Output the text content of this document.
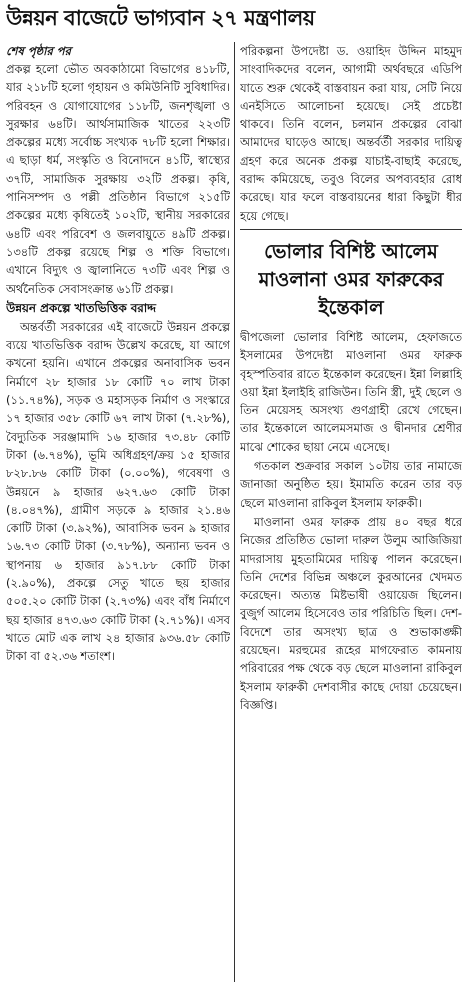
উন্নয়ন বাজেটে ভাগ্যবান ২৭ মন্ত্রণালয়
শেষ পৃষ্ঠার পর

প্রকল্প হলো ভৌত অবকাঠামো বিভাগের ৪১৮টি, যার ২১৮টি হলো গৃহায়ন ও কমিউনিটি সুবিধাদির। পরিবহন ও যোগাযোগের ১১৮টি, জনশৃঙ্খলা ও সুরক্ষার ৬৪টি। আর্থসামাজিক খাতের ২২৩টি প্রকল্পের মধ্যে সর্বোচ্চ সংখ্যক ৭৮টি হলো শিক্ষার। এ ছাড়া ধর্ম, সংস্কৃতি ও বিনোদনে ৪১টি, স্বাস্থ্যের ৩৭টি, সামাজিক সুরক্ষায় ৩২টি প্রকল্প। কৃষি, পানিসম্পদ ও পল্লী প্রতিষ্ঠান বিভাগে ২১৫টি প্রকল্পের মধ্যে কৃষিতেই ১০২টি, স্থানীয় সরকারের ৬৪টি এবং পরিবেশ ও জলবায়ুতে ৪৯টি প্রকল্প। ১৩৪টি প্রকল্প রয়েছে শিল্প ও শক্তি বিভাগে। এখানে বিদ্যুৎ ও জ্বালানিতে ৭৩টি এবং শিল্প ও অর্থনৈতিক সেবাসংক্রান্ত ৬১টি প্রকল্প।

উন্নয়ন প্রকল্পে খাতভিত্তিক বরাদ্দ

অন্তর্বর্তী সরকারের এই বাজেটে উন্নয়ন প্রকল্পে ব্যয়ে খাতভিত্তিক বরাদ্দ উল্লেখ করেছে, যা আগে কখনো হয়নি। এখানে প্রকল্পের অনাবাসিক ভবন নির্মাণে ২৮ হাজার ১৮ কোটি ৭০ লাখ টাকা (১১.৭৪%), সড়ক ও মহাসড়ক নির্মাণ ও সংস্কারে ১৭ হাজার ৩৫৮ কোটি ৬৭ লাখ টাকা (৭.২৮%), বৈদ্যুতিক সরঞ্জামাদি ১৬ হাজার ৭৩.৪৮ কোটি টাকা (৬.৭৪%), ভূমি অধিগ্রহণ/ক্রয় ১৫ হাজার ৮২৮.৮৬ কোটি টাকা (০.০০%), গবেষণা ও উন্নয়নে ৯ হাজার ৬২৭.৬৩ কোটি টাকা (৪.০৪৭%), গ্রামীণ সড়কে ৯ হাজার ২১.৪৬ কোটি টাকা (৩.৯২%), আবাসিক ভবন ৯ হাজার ১৬.৭৩ কোটি টাকা (৩.৭৮%), অন্যান্য ভবন ও স্থাপনায় ৬ হাজার ৯১৭.৮৮ কোটি টাকা (২.৯০%), প্রকল্পে সেতু খাতে ছয় হাজার ৫০৫.২০ কোটি টাকা (২.৭৩%) এবং বাঁধ নির্মাণে ছয় হাজার ৪৭৩.৬৩ কোটি টাকা (২.৭১%)। এসব খাতে মোট এক লাখ ২৪ হাজার ৯৩৬.৫৮ কোটি টাকা বা ৫২.৩৬ শতাংশ।

পরিকল্পনা উপদেষ্টা ড. ওয়াহিদ উদ্দিন মাহমুদ সাংবাদিকদের বলেন, আগামী অর্থবছরে এডিপি যাতে শুরু থেকেই বাস্তবায়ন করা যায়, সেটি নিয়ে এনইসিতে আলোচনা হয়েছে। সেই প্রচেষ্টা থাকবে। তিনি বলেন, চলমান প্রকল্পের বোঝা আমাদের ঘাড়েও আছে। অন্তর্বর্তী সরকার দায়িত্ব গ্রহণ করে অনেক প্রকল্প যাচাই-বাছাই করেছে, বরাদ্দ কমিয়েছে, তবুও বিলের অপব্যবহার রোধ করেছে। যার ফলে বাস্তবায়নের ধারা কিছুটা ধীর হয়ে গেছে।

ভোলার বিশিষ্ট আলেম মাওলানা ওমর ফারুকের ইন্তেকাল

দ্বীপজেলা ভোলার বিশিষ্ট আলেম, হেফাজতে ইসলামের উপদেষ্টা মাওলানা ওমর ফারুক বৃহস্পতিবার রাতে ইন্তেকাল করেছেন। ইন্না লিল্লাহি ওয়া ইন্না ইলাইহি রাজিউন। তিনি স্ত্রী, দুই ছেলে ও তিন মেয়েসহ অসংখ্য গুণগ্রাহী রেখে গেছেন। তার ইন্তেকালে আলেমসমাজ ও দ্বীনদার শ্রেণীর মাঝে শোকের ছায়া নেমে এসেছে।

গতকাল শুক্রবার সকাল ১০টায় তার নামাজে জানাজা অনুষ্ঠিত হয়। ইমামতি করেন তার বড় ছেলে মাওলানা রাকিবুল ইসলাম ফারুকী।

মাওলানা ওমর ফারুক প্রায় ৪০ বছর ধরে নিজের প্রতিষ্ঠিত ভোলা দারুল উলুম আজিজিয়া মাদরাসায় মুহতামিমের দায়িত্ব পালন করেছেন। তিনি দেশের বিভিন্ন অঞ্চলে কুরআনের খেদমত করেছেন। অত্যন্ত মিষ্টভাষী ওয়ায়েজ ছিলেন। বুজুর্গ আলেম হিসেবেও তার পরিচিতি ছিল। দেশ-বিদেশে তার অসংখ্য ছাত্র ও শুভাকাঙ্ক্ষী রয়েছেন। মরহুমের রূহের মাগফেরাত কামনায় পরিবারের পক্ষ থেকে বড় ছেলে মাওলানা রাকিবুল ইসলাম ফারুকী দেশবাসীর কাছে দোয়া চেয়েছেন। বিজ্ঞপ্তি।
